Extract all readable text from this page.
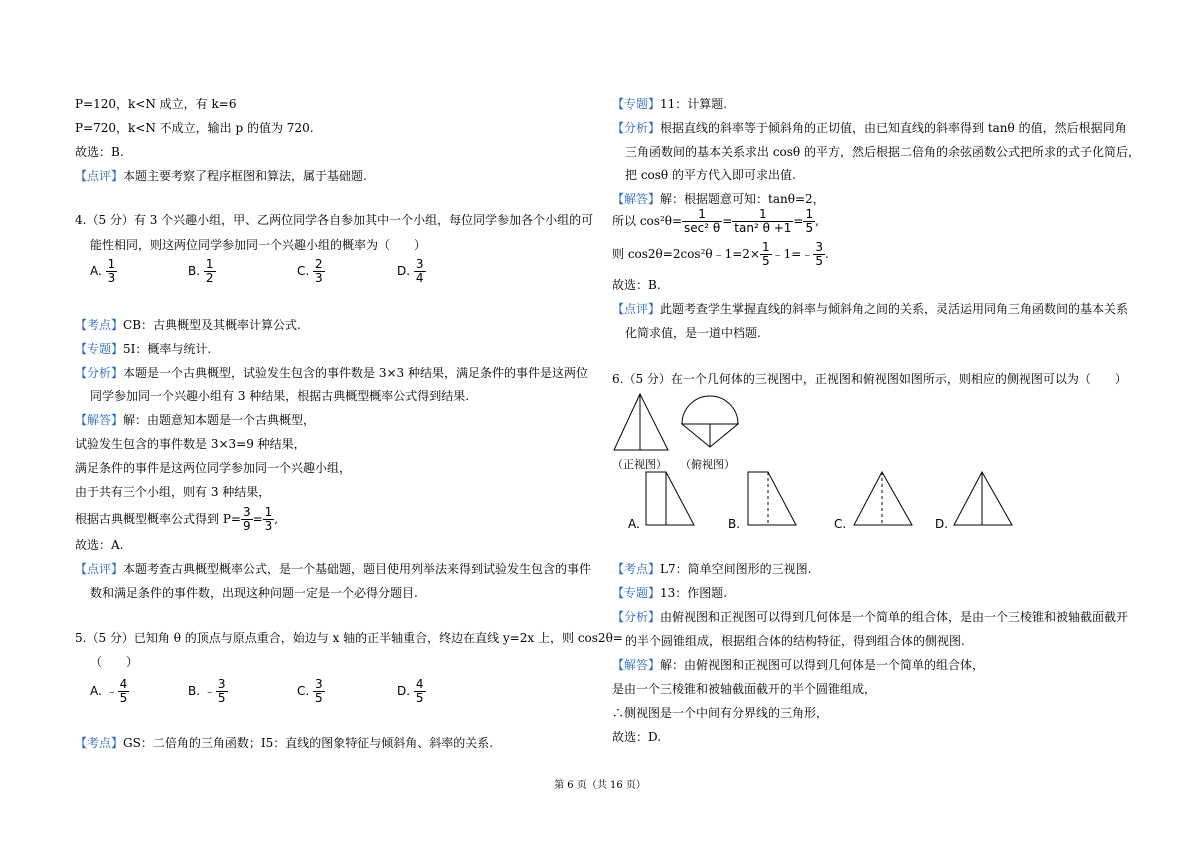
P=120，k<N 成立，有 k=6
P=720，k<N 不成立，输出 p 的值为 720.
故选：B.
【点评】本题主要考察了程序框图和算法，属于基础题.
4.（5 分）有 3 个兴趣小组，甲、乙两位同学各自参加其中一个小组，每位同学参加各个小组的可
能性相同，则这两位同学参加同一个兴趣小组的概率为（　　）
A. $\frac{1}{3}$	B. $\frac{1}{2}$	C. $\frac{2}{3}$	D. $\frac{3}{4}$
【考点】CB：古典概型及其概率计算公式.
【专题】5I：概率与统计.
【分析】本题是一个古典概型，试验发生包含的事件数是 3×3 种结果，满足条件的事件是这两位
同学参加同一个兴趣小组有 3 种结果，根据古典概型概率公式得到结果.
【解答】解：由题意知本题是一个古典概型，
试验发生包含的事件数是 3×3=9 种结果，
满足条件的事件是这两位同学参加同一个兴趣小组，
由于共有三个小组，则有 3 种结果，
根据古典概型概率公式得到 $P= \frac{3}{9} = \frac{1}{3}$ ,
故选：A.
【点评】本题考查古典概型概率公式，是一个基础题，题目使用列举法来得到试验发生包含的事件
数和满足条件的事件数，出现这种问题一定是一个必得分题目.
5.（5 分）已知角 θ 的顶点与原点重合，始边与 x 轴的正半轴重合，终边在直线 y=2x 上，则 cos2θ=
（　　）
A. ﹣ $\frac{4}{5}$	B. ﹣ $\frac{3}{5}$	C. $\frac{3}{5}$	D. $\frac{4}{5}$
【考点】GS：二倍角的三角函数；I5：直线的图象特征与倾斜角、斜率的关系.
【专题】11：计算题.
【分析】根据直线的斜率等于倾斜角的正切值，由已知直线的斜率得到 tanθ 的值，然后根据同角
三角函数间的基本关系求出 cosθ 的平方，然后根据二倍角的余弦函数公式把所求的式子化简后，
把 cosθ 的平方代入即可求出值.
【解答】解：根据题意可知：tanθ=2，
所以 $\cos^2\theta= \frac{1}{\text{sec² θ}} = \frac{1}{\text{tan² θ +1}} = \frac{1}{5}$ ,
则 cos2θ=2cos²θ﹣1=2× $\frac{1}{5}$ ﹣1=﹣ $\frac{3}{5}$ .
故选：B.
【点评】此题考查学生掌握直线的斜率与倾斜角之间的关系，灵活运用同角三角函数间的基本关系
化简求值，是一道中档题.
6.（5 分）在一个几何体的三视图中，正视图和俯视图如图所示，则相应的侧视图可以为（　　）
（正视图） （俯视图）
A.	B.	C.	D.
【考点】L7：简单空间图形的三视图.
【专题】13：作图题.
【分析】由俯视图和正视图可以得到几何体是一个简单的组合体，是由一个三棱锥和被轴截面截开
的半个圆锥组成，根据组合体的结构特征，得到组合体的侧视图.
【解答】解：由俯视图和正视图可以得到几何体是一个简单的组合体，
是由一个三棱锥和被轴截面截开的半个圆锥组成，
∴侧视图是一个中间有分界线的三角形，
故选：D.
第 6 页（共 16 页）
